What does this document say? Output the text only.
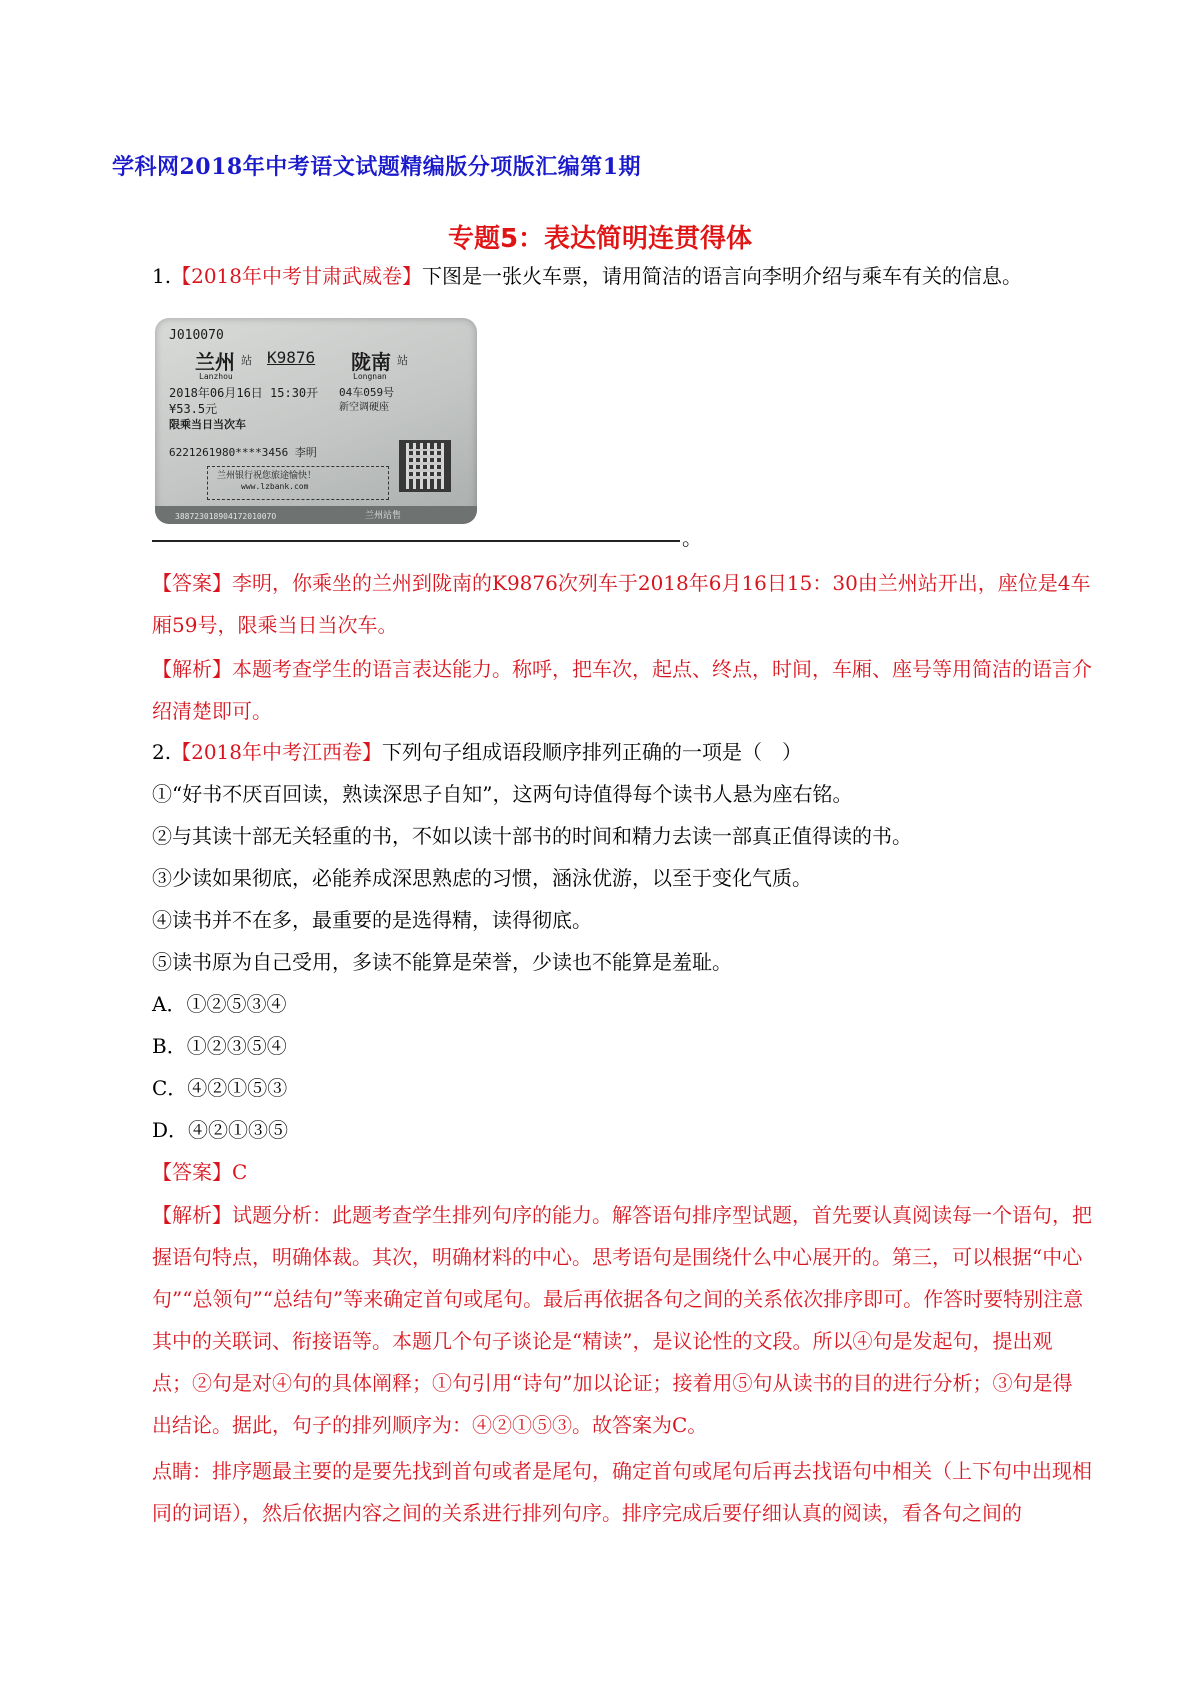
学科网2018年中考语文试题精编版分项版汇编第1期
专题5：表达简明连贯得体
1.【2018年中考甘肃武威卷】下图是一张火车票，请用简洁的语言向李明介绍与乘车有关的信息。
J010070
兰州 站 K9876 陇南 站
Lanzhou	Longnan
2018年06月16日 15:30开 04车059号
¥53.5元	新空调硬座
限乘当日当次车
6221261980****3456 李明
兰州银行祝您旅途愉快！
www.lzbank.com
38872301890417201007O	兰州站售
。
【答案】李明，你乘坐的兰州到陇南的K9876次列车于2018年6月16日15：30由兰州站开出，座位是4车厢59号，限乘当日当次车。
【解析】本题考查学生的语言表达能力。称呼，把车次，起点、终点，时间，车厢、座号等用简洁的语言介绍清楚即可。
2.【2018年中考江西卷】下列句子组成语段顺序排列正确的一项是（　）
①“好书不厌百回读，熟读深思子自知”，这两句诗值得每个读书人悬为座右铭。
②与其读十部无关轻重的书，不如以读十部书的时间和精力去读一部真正值得读的书。
③少读如果彻底，必能养成深思熟虑的习惯，涵泳优游，以至于变化气质。
④读书并不在多，最重要的是选得精，读得彻底。
⑤读书原为自己受用，多读不能算是荣誉，少读也不能算是羞耻。
A．①②⑤③④
B．①②③⑤④
C．④②①⑤③
D．④②①③⑤
【答案】C
【解析】试题分析：此题考查学生排列句序的能力。解答语句排序型试题，首先要认真阅读每一个语句，把握语句特点，明确体裁。其次，明确材料的中心。思考语句是围绕什么中心展开的。第三，可以根据“中心句”“总领句”“总结句”等来确定首句或尾句。最后再依据各句之间的关系依次排序即可。作答时要特别注意其中的关联词、衔接语等。本题几个句子谈论是“精读”，是议论性的文段。所以④句是发起句，提出观点；②句是对④句的具体阐释；①句引用“诗句”加以论证；接着用⑤句从读书的目的进行分析；③句是得出结论。据此，句子的排列顺序为：④②①⑤③。故答案为C。
点睛：排序题最主要的是要先找到首句或者是尾句，确定首句或尾句后再去找语句中相关（上下句中出现相同的词语），然后依据内容之间的关系进行排列句序。排序完成后要仔细认真的阅读，看各句之间的
